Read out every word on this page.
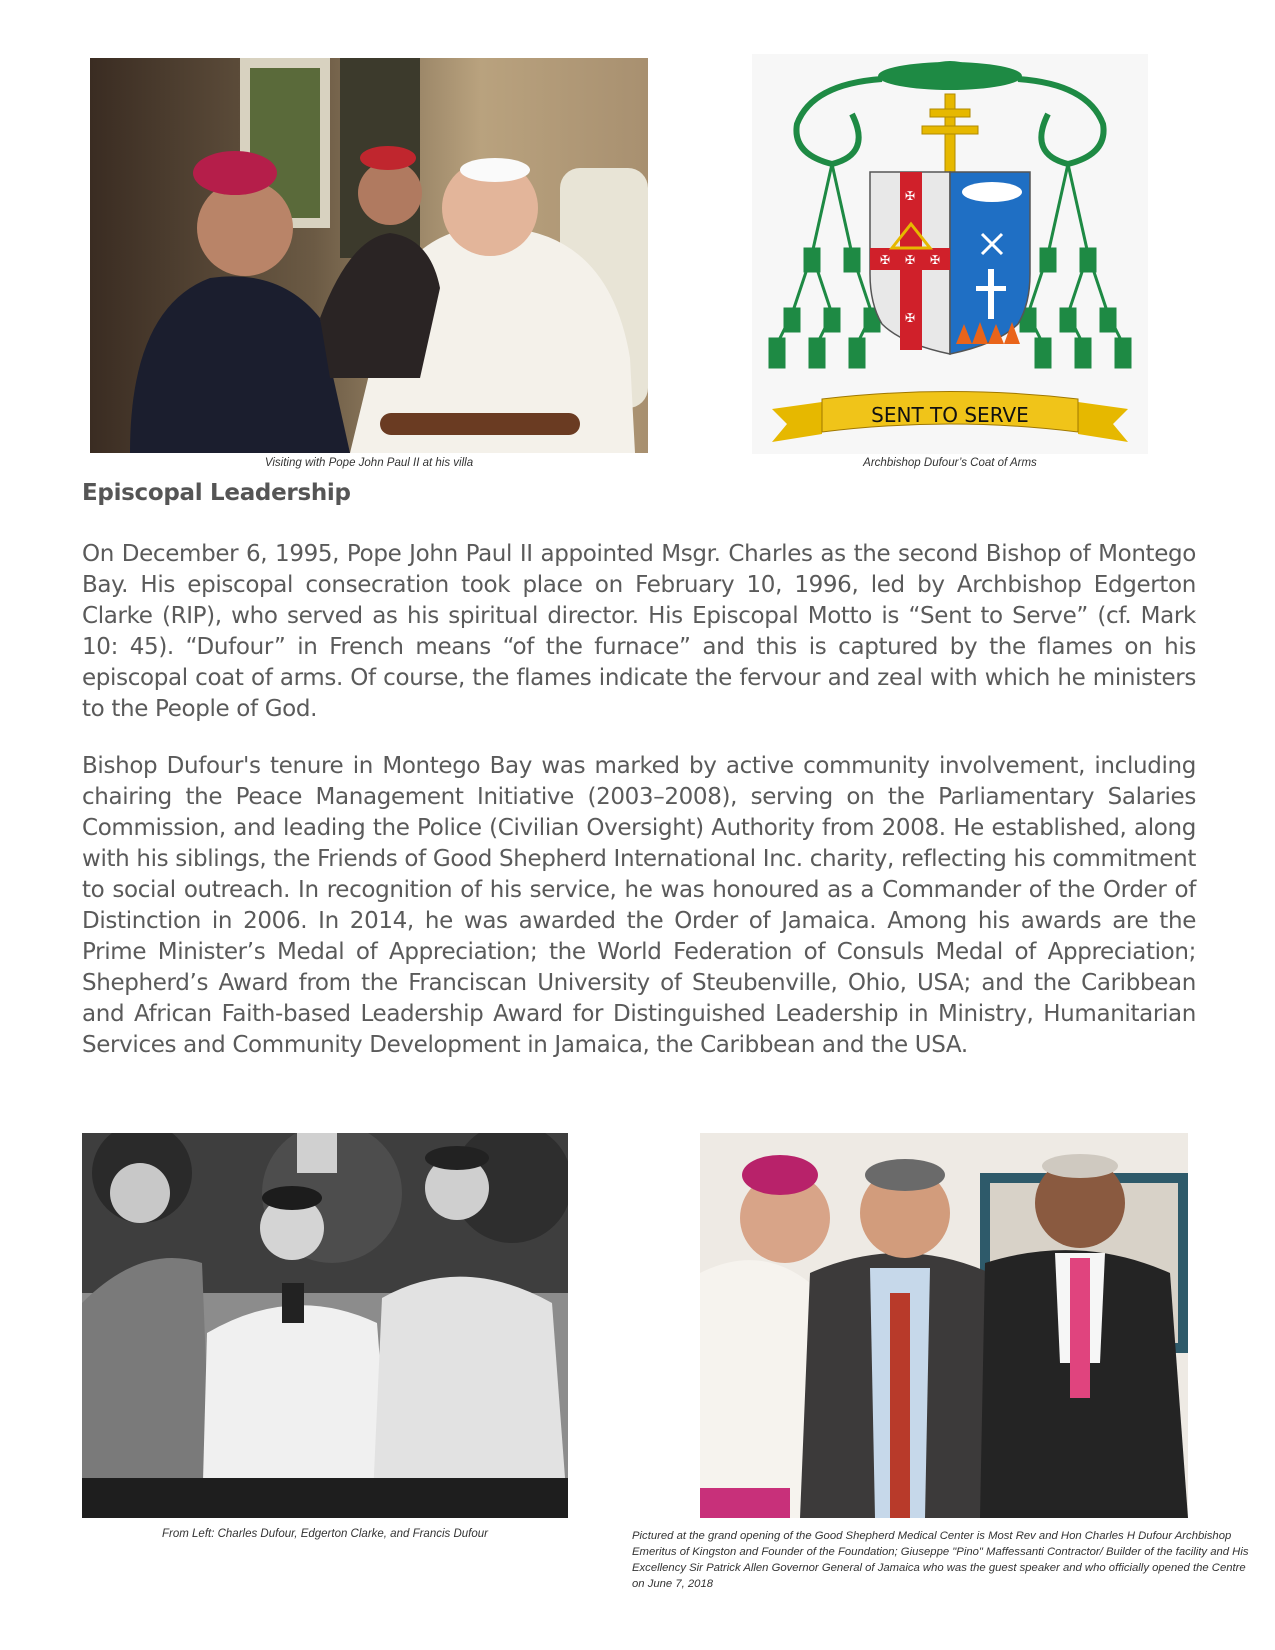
Visiting with Pope John Paul II at his villa
✠
✠ ✠ ✠
✠
SENT TO SERVE
Archbishop Dufour’s Coat of Arms
Episcopal Leadership

On December 6, 1995, Pope John Paul II appointed Msgr. Charles as the second Bishop of Montego Bay. His episcopal consecration took place on February 10, 1996, led by Archbishop Edgerton Clarke (RIP), who served as his spiritual director. His Episcopal Motto is “Sent to Serve” (cf. Mark 10: 45). “Dufour” in French means “of the furnace” and this is captured by the flames on his episcopal coat of arms. Of course, the flames indicate the fervour and zeal with which he ministers to the People of God.

Bishop Dufour's tenure in Montego Bay was marked by active community involvement, including chairing the Peace Management Initiative (2003–2008), serving on the Parliamentary Salaries Commission, and leading the Police (Civilian Oversight) Authority from 2008. He established, along with his siblings, the Friends of Good Shepherd International Inc. charity, reflecting his commitment to social outreach. In recognition of his service, he was honoured as a Commander of the Order of Distinction in 2006. In 2014, he was awarded the Order of Jamaica. Among his awards are the Prime Minister’s Medal of Appreciation; the World Federation of Consuls Medal of Appreciation; Shepherd’s Award from the Franciscan University of Steubenville, Ohio, USA; and the Caribbean and African Faith-based Leadership Award for Distinguished Leadership in Ministry, Humanitarian Services and Community Development in Jamaica, the Caribbean and the USA.

From Left: Charles Dufour, Edgerton Clarke, and Francis Dufour	Pictured at the grand opening of the Good Shepherd Medical Center is Most Rev and Hon Charles H Dufour Archbishop Emeritus of Kingston and Founder of the Foundation; Giuseppe "Pino" Maffessanti Contractor/ Builder of the facility and His Excellency Sir Patrick Allen Governor General of Jamaica who was the guest speaker and who officially opened the Centre on June 7, 2018
